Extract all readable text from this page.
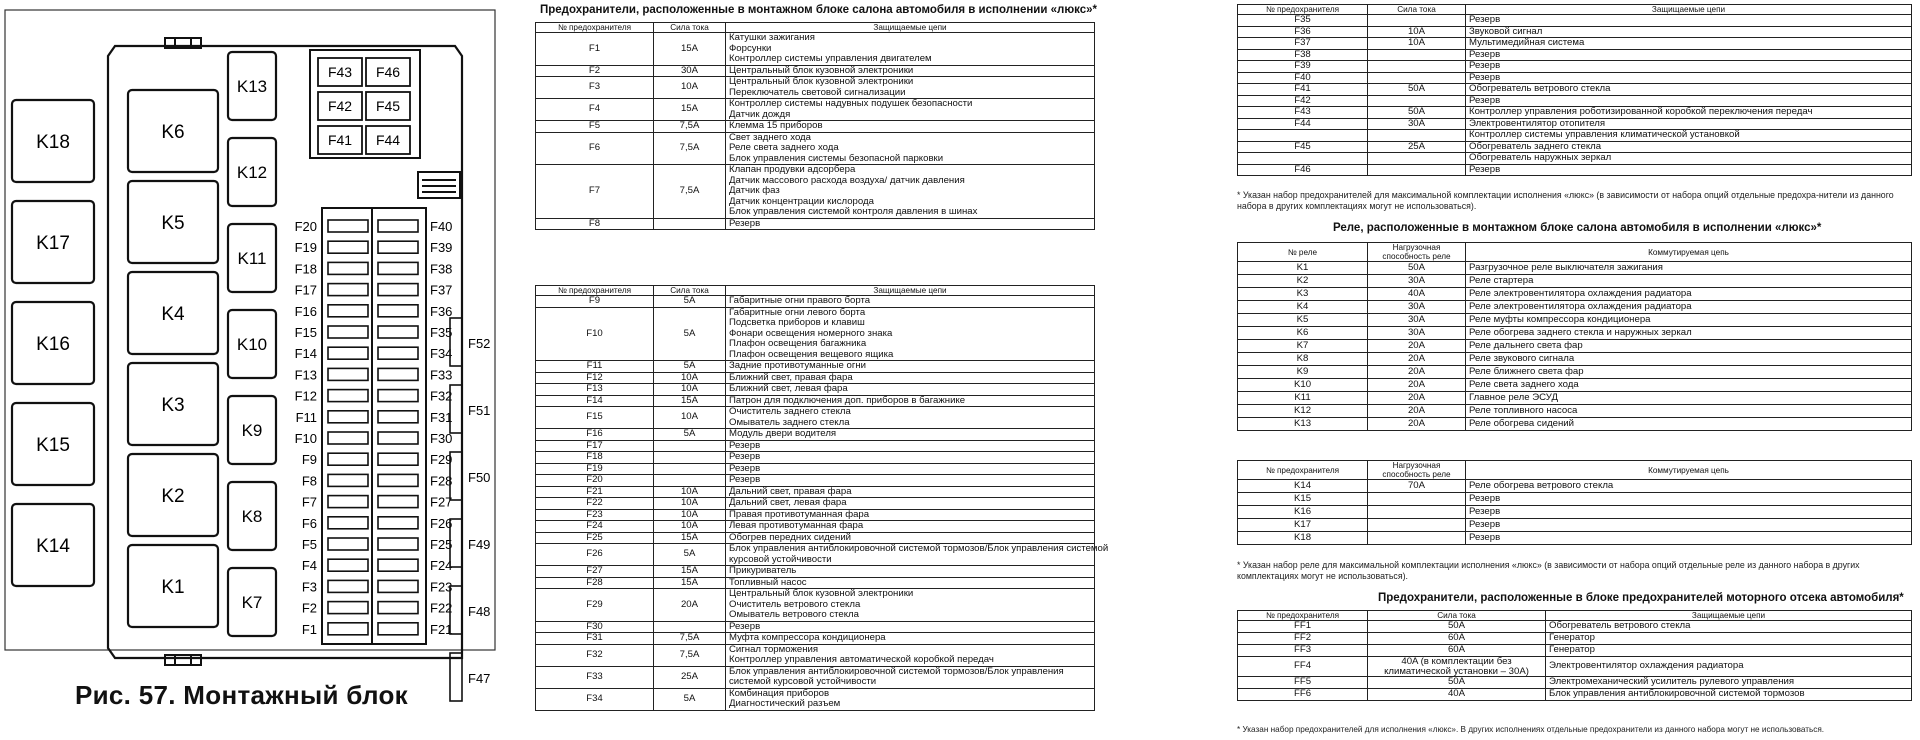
K18
K17
K16
K15
K14
K6
K5
K4
K3
K2
K1
K13
K12
K11
K10
K9
K8
K7
F43 F46
F42 F45
F41 F44
F20	F40
F19	F39
F18	F38
F17	F37
F16	F36
F15	F35
F14	F34
F13	F33
F12	F32
F11	F31
F10	F30
F9	F29
F8	F28
F7	F27
F6	F26
F5	F25
F4	F24
F3	F23
F2	F22
F1	F21
F52
F51
F50
F49
F48
F47
Рис. 57. Монтажный блок
Предохранители, расположенные в монтажном блоке салона автомобиля в исполнении «люкс»*
№ предохранителя	Сила тока	Защищаемые цепи
F1	15A	Катушки зажигания
Форсунки
Контроллер системы управления двигателем

F2	30A	Центральный блок кузовной электроники

F3	10A	Центральный блок кузовной электроники
Переключатель световой сигнализации

F4	15A	Контроллер системы надувных подушек безопасности
Датчик дождя

F5	7,5A	Клемма 15 приборов

F6	7,5A	Свет заднего хода
Реле света заднего хода
Блок управления системы безопасной парковки

F7	7,5A	Клапан продувки адсорбера
Датчик массового расхода воздуха/ датчик давления
Датчик фаз
Датчик концентрации кислорода
Блок управления системой контроля давления в шинах

F8		Резерв
№ предохранителя	Сила тока	Защищаемые цепи
F9	5A	Габаритные огни правого борта

F10	5A	Габаритные огни левого борта
Подсветка приборов и клавиш
Фонари освещения номерного знака
Плафон освещения багажника
Плафон освещения вещевого ящика

F11	5A	Задние противотуманные огни

F12	10A	Ближний свет, правая фара

F13	10A	Ближний свет, левая фара

F14	15A	Патрон для подключения доп. приборов в багажнике

F15	10A	Очиститель заднего стекла
Омыватель заднего стекла

F16	5A	Модуль двери водителя

F17		Резерв

F18		Резерв

F19		Резерв

F20		Резерв

F21	10A	Дальний свет, правая фара

F22	10A	Дальний свет, левая фара

F23	10A	Правая противотуманная фара

F24	10A	Левая противотуманная фара

F25	15A	Обогрев передних сидений

F26	5A	Блок управления антиблокировочной системой тормозов/Блок управления системой
курсовой устойчивости

F27	15A	Прикуриватель

F28	15A	Топливный насос

F29	20A	Центральный блок кузовной электроники
Очиститель ветрового стекла
Омыватель ветрового стекла

F30		Резерв

F31	7,5A	Муфта компрессора кондиционера

F32	7,5A	Сигнал торможения
Контроллер управления автоматической коробкой передач

F33	25A	Блок управления антиблокировочной системой тормозов/Блок управления
системой курсовой устойчивости

F34	5A	Комбинация приборов
Диагностический разъем
№ предохранителя	Сила тока	Защищаемые цепи
F35		Резерв
F36	10A	Звуковой сигнал
F37	10A	Мультимедийная система
F38		Резерв
F39		Резерв
F40		Резерв
F41	50A	Обогреватель ветрового стекла
F42		Резерв
F43	50A	Контроллер управления роботизированной коробкой переключения передач
F44	30A	Электровентилятор отопителя
		Контроллер системы управления климатической установкой
F45	25A	Обогреватель заднего стекла
		Обогреватель наружных зеркал
F46		Резерв
* Указан набор предохранителей для максимальной комплектации исполнения «люкс» (в зависимости от набора опций отдельные предохра-нители из данного набора в других комплектациях могут не использоваться).
Реле, расположенные в монтажном блоке салона автомобиля в исполнении «люкс»*
№ реле	Нагрузочная способность реле	Коммутируемая цепь
K1	50A	Разгрузочное реле выключателя зажигания
K2	30A	Реле стартера
K3	40A	Реле электровентилятора охлаждения радиатора
K4	30A	Реле электровентилятора охлаждения радиатора
K5	30A	Реле муфты компрессора кондиционера
K6	30A	Реле обогрева заднего стекла и наружных зеркал
K7	20A	Реле дальнего света фар
K8	20A	Реле звукового сигнала
K9	20A	Реле ближнего света фар
K10	20A	Реле света заднего хода
K11	20A	Главное реле ЭСУД
K12	20A	Реле топливного насоса
K13	20A	Реле обогрева сидений
№ предохранителя	Нагрузочная способность реле	Коммутируемая цепь
K14	70A	Реле обогрева ветрового стекла
K15		Резерв
K16		Резерв
K17		Резерв
K18		Резерв
* Указан набор реле для максимальной комплектации исполнения «люкс» (в зависимости от набора опций отдельные реле из данного набора в других комплектациях могут не использоваться).
Предохранители, расположенные в блоке предохранителей моторного отсека автомобиля*
№ предохранителя	Сила тока	Защищаемые цепи
FF1	50A	Обогреватель ветрового стекла
FF2	60A	Генератор
FF3	60A	Генератор
FF4	40A (в комплектации без климатической установки – 30A)	Электровентилятор охлаждения радиатора
FF5	50A	Электромеханический усилитель рулевого управления
FF6	40A	Блок управления антиблокировочной системой тормозов
* Указан набор предохранителей для исполнения «люкс». В других исполнениях отдельные предохранители из данного набора могут не использоваться.
